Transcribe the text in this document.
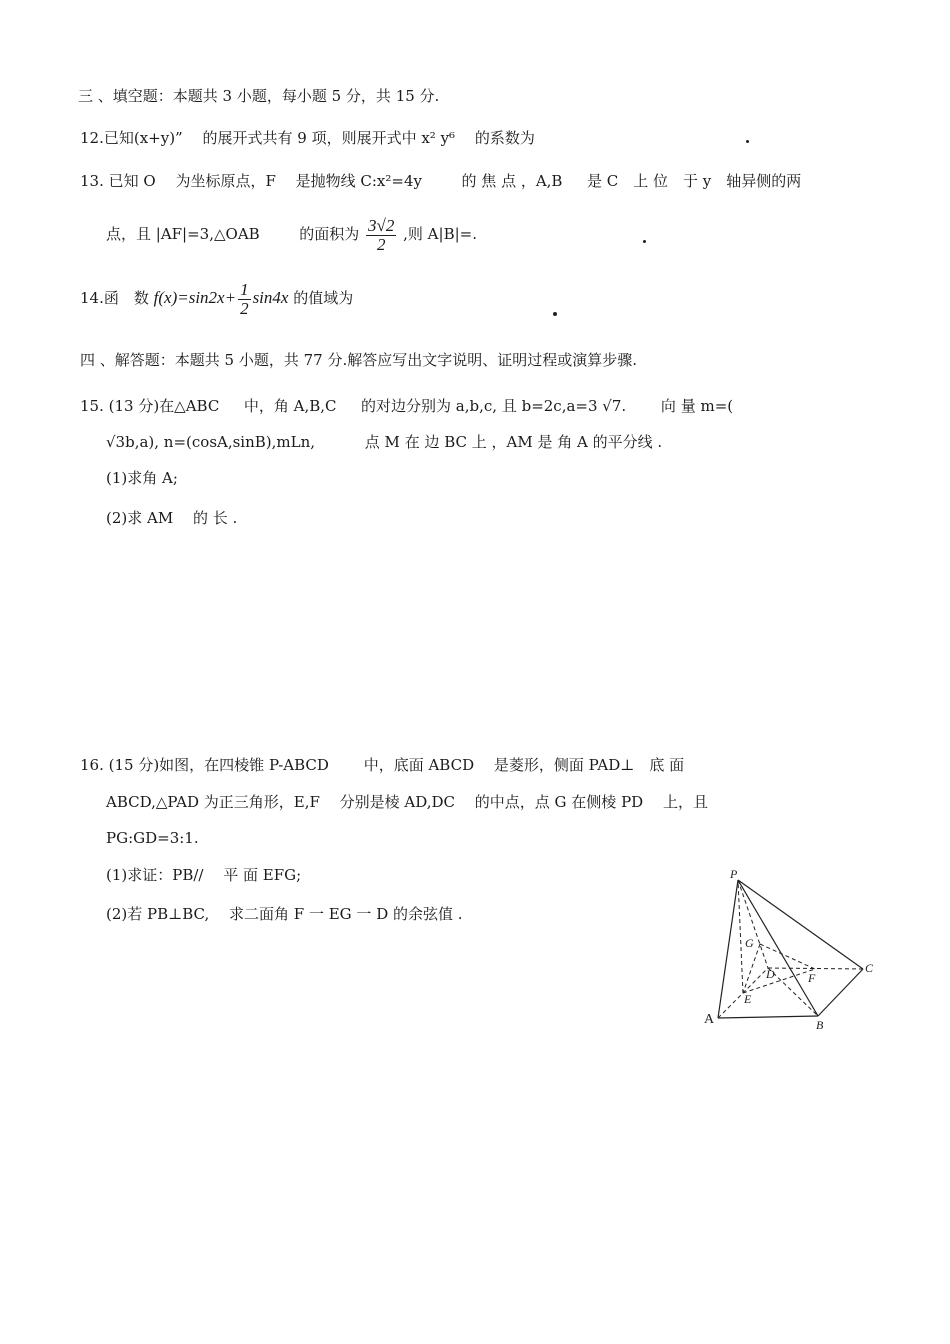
三 、填空题：本题共 3 小题，每小题 5 分，共 15 分.
12.已知(x+y)” 　的展开式共有 9 项，则展开式中 x² y⁶ 　的系数为
13. 已知 O 　为坐标原点，F 　是抛物线 C:x²=4y 　　 的 焦 点 ，A,B 　 是 C　上 位　于 y　轴异侧的两
点，且 |AF|=3,△OAB 　　 的面积为 $\frac{3√2}{2}$ ,则 A|B|=.
14.函　数 $f(x)=\sin 2x+ \frac{1}{2} \sin 4x$ 的值域为
四 、解答题：本题共 5 小题，共 77 分.解答应写出文字说明、证明过程或演算步骤.
15. (13 分)在△ABC 　 中，角 A,B,C 　 的对边分别为 a,b,c, 且 b=2c,a=3 √7. 　　向 量 m=(
√3b,a), n=(cosA,sinB),mLn, 　　　点 M 在 边 BC 上 ，AM 是 角 A 的平分线 .
(1)求角 A;
(2)求 AM 　的 长 .
16. (15 分)如图，在四棱锥 P-ABCD 　　中，底面 ABCD 　是菱形，侧面 PAD⊥　底 面
ABCD,△PAD 为正三角形，E,F 　分别是棱 AD,DC 　的中点，点 G 在侧棱 PD 　上，且
PG:GD=3:1.
(1)求证：PB// 　平 面 EFG;
(2)若 PB⊥BC, 　求二面角 F 一 EG 一 D 的余弦值 .
P
G
D	F
C
E
A	B
